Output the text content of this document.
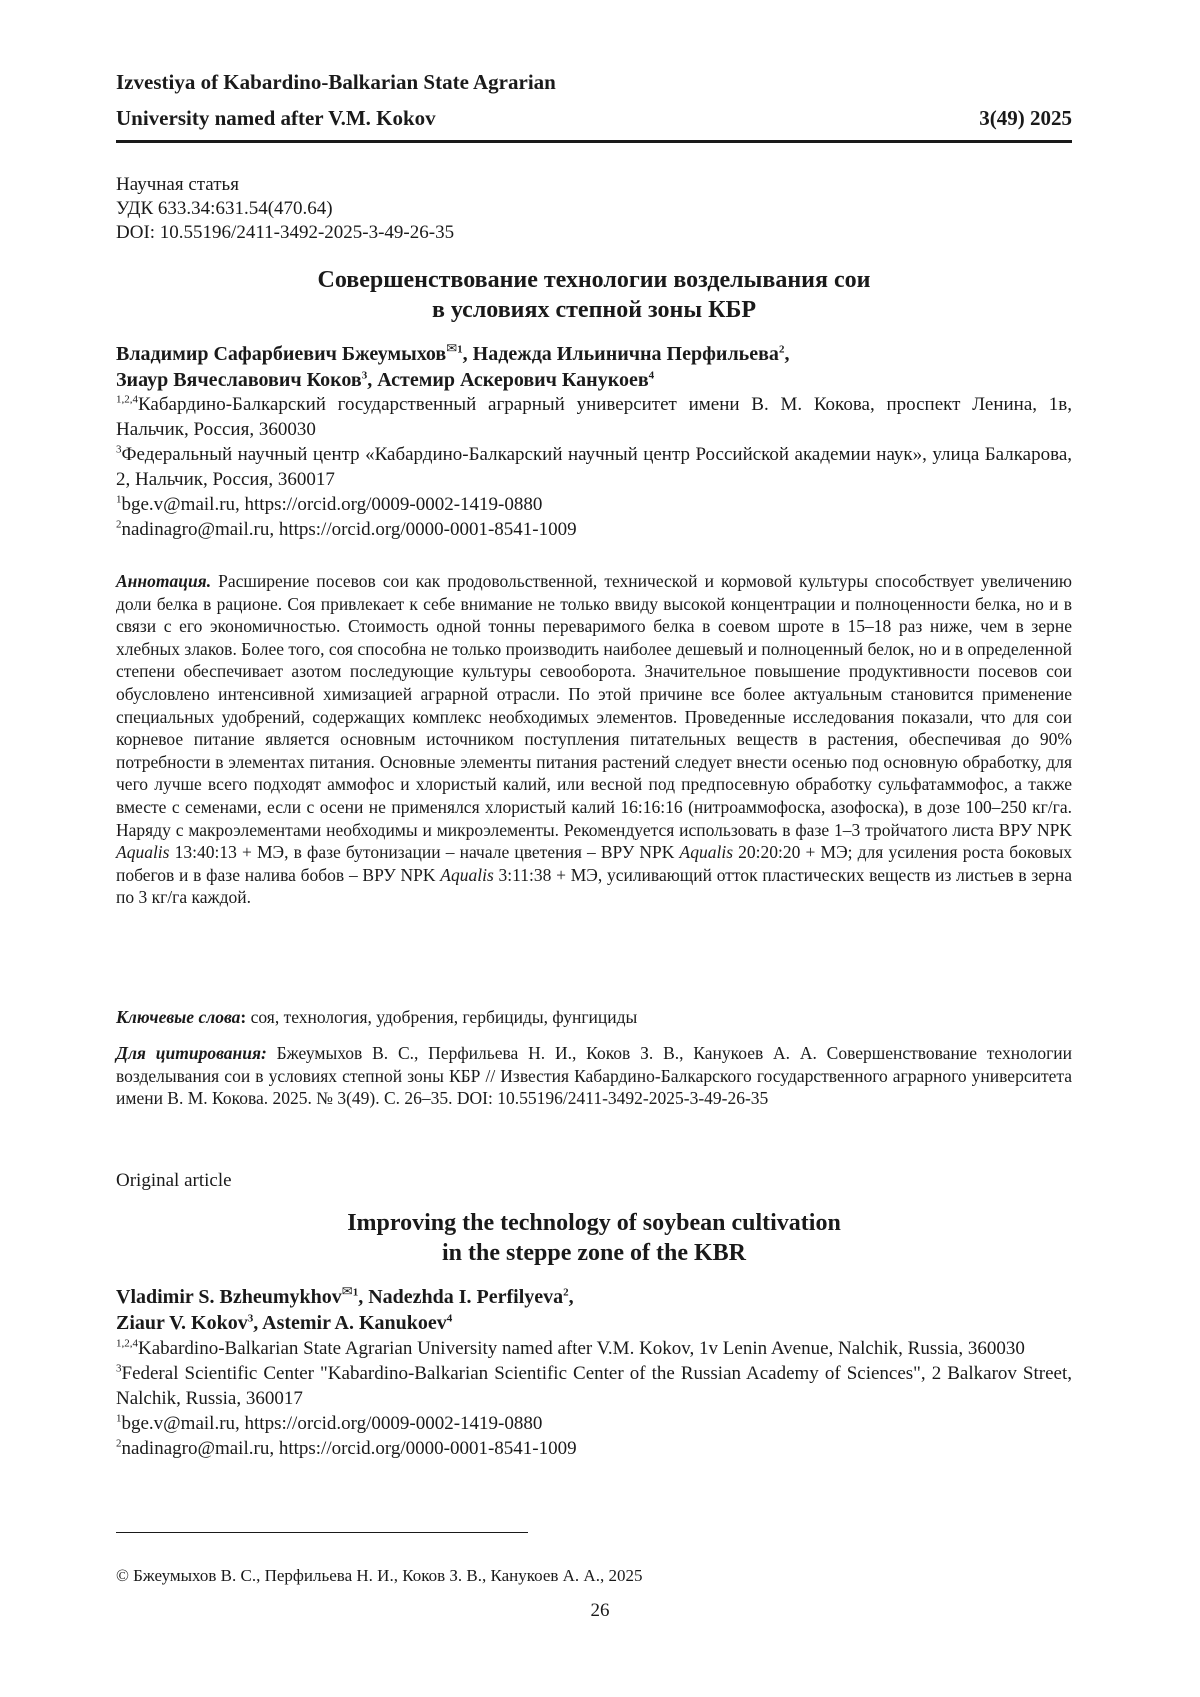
Izvestiya of Kabardino-Balkarian State Agrarian
University named after V.M. Kokov	3(49) 2025
Научная статья
УДК 633.34:631.54(470.64)
DOI: 10.55196/2411-3492-2025-3-49-26-35
Совершенствование технологии возделывания сои
в условиях степной зоны КБР
Владимир Сафарбиевич Бжеумыхов✉1, Надежда Ильинична Перфильева2,
Зиаур Вячеславович Коков3, Астемир Аскерович Канукоев4
1,2,4Кабардино-Балкарский государственный аграрный университет имени В. М. Кокова, проспект Ленина, 1в, Нальчик, Россия, 360030
3Федеральный научный центр «Кабардино-Балкарский научный центр Российской академии наук», улица Балкарова, 2, Нальчик, Россия, 360017
1bge.v@mail.ru, https://orcid.org/0009-0002-1419-0880
2nadinagro@mail.ru, https://orcid.org/0000-0001-8541-1009
Аннотация. Расширение посевов сои как продовольственной, технической и кормовой культуры способствует увеличению доли белка в рационе. Соя привлекает к себе внимание не только ввиду высокой концентрации и полноценности белка, но и в связи с его экономичностью. Стоимость одной тонны переваримого белка в соевом шроте в 15–18 раз ниже, чем в зерне хлебных злаков. Более того, соя способна не только производить наиболее дешевый и полноценный белок, но и в определенной степени обеспечивает азотом последующие культуры севооборота. Значительное повышение продуктивности посевов сои обусловлено интенсивной химизацией аграрной отрасли. По этой причине все более актуальным становится применение специальных удобрений, содержащих комплекс необходимых элементов. Проведенные исследования показали, что для сои корневое питание является основным источником поступления питательных веществ в растения, обеспечивая до 90% потребности в элементах питания. Основные элементы питания растений следует внести осенью под основную обработку, для чего лучше всего подходят аммофос и хлористый калий, или весной под предпосевную обработку сульфатаммофос, а также вместе с семенами, если с осени не применялся хлористый калий 16:16:16 (нитроаммофоска, азофоска), в дозе 100–250 кг/га. Наряду с макроэлементами необходимы и микроэлементы. Рекомендуется использовать в фазе 1–3 тройчатого листа ВРУ NPK Aqualis 13:40:13 + МЭ, в фазе бутонизации – начале цветения – ВРУ NPK Aqualis 20:20:20 + МЭ; для усиления роста боковых побегов и в фазе налива бобов – ВРУ NPK Aqualis 3:11:38 + МЭ, усиливающий отток пластических веществ из листьев в зерна по 3 кг/га каждой.
Ключевые слова: соя, технология, удобрения, гербициды, фунгициды
Для цитирования: Бжеумыхов В. С., Перфильева Н. И., Коков З. В., Канукоев А. А. Совершенствование технологии возделывания сои в условиях степной зоны КБР // Известия Кабардино-Балкарского государственного аграрного университета имени В. М. Кокова. 2025. № 3(49). С. 26–35. DOI: 10.55196/2411-3492-2025-3-49-26-35
Original article
Improving the technology of soybean cultivation
in the steppe zone of the KBR
Vladimir S. Bzheumykhov✉1, Nadezhda I. Perfilyeva2,
Ziaur V. Kokov3, Astemir A. Kanukoev4
1,2,4Kabardino-Balkarian State Agrarian University named after V.M. Kokov, 1v Lenin Avenue, Nalchik, Russia, 360030
3Federal Scientific Center "Kabardino-Balkarian Scientific Center of the Russian Academy of Sciences", 2 Balkarov Street, Nalchik, Russia, 360017
1bge.v@mail.ru, https://orcid.org/0009-0002-1419-0880
2nadinagro@mail.ru, https://orcid.org/0000-0001-8541-1009
© Бжеумыхов В. С., Перфильева Н. И., Коков З. В., Канукоев А. А., 2025
26
